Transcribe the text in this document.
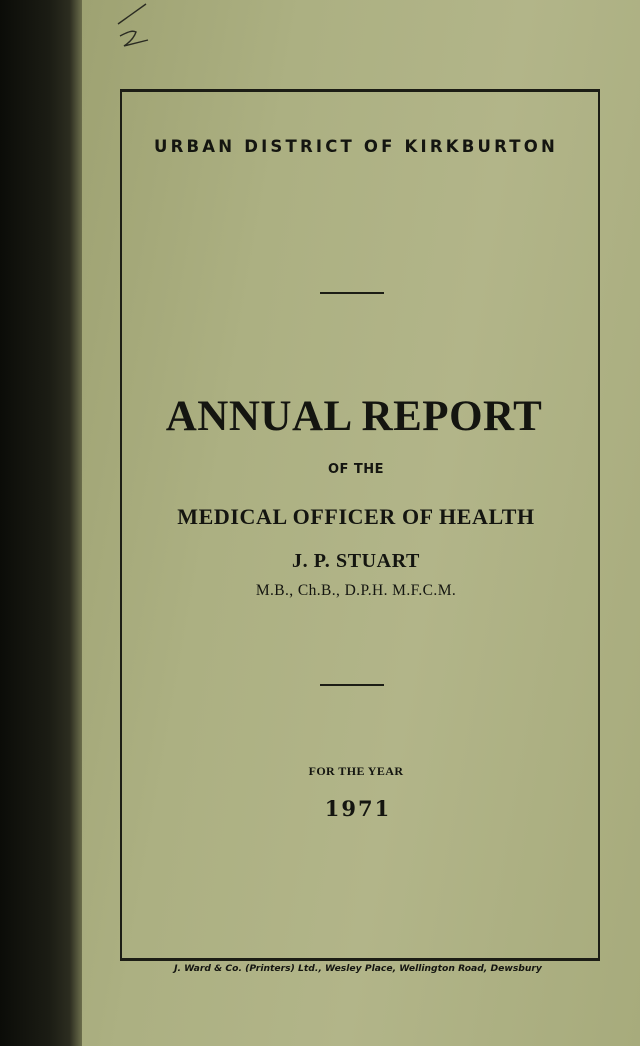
URBAN DISTRICT OF KIRKBURTON
ANNUAL REPORT
OF THE
MEDICAL OFFICER OF HEALTH
J. P. STUART
M.B., Ch.B., D.P.H. M.F.C.M.
FOR THE YEAR
1971
J. Ward & Co. (Printers) Ltd., Wesley Place, Wellington Road, Dewsbury
